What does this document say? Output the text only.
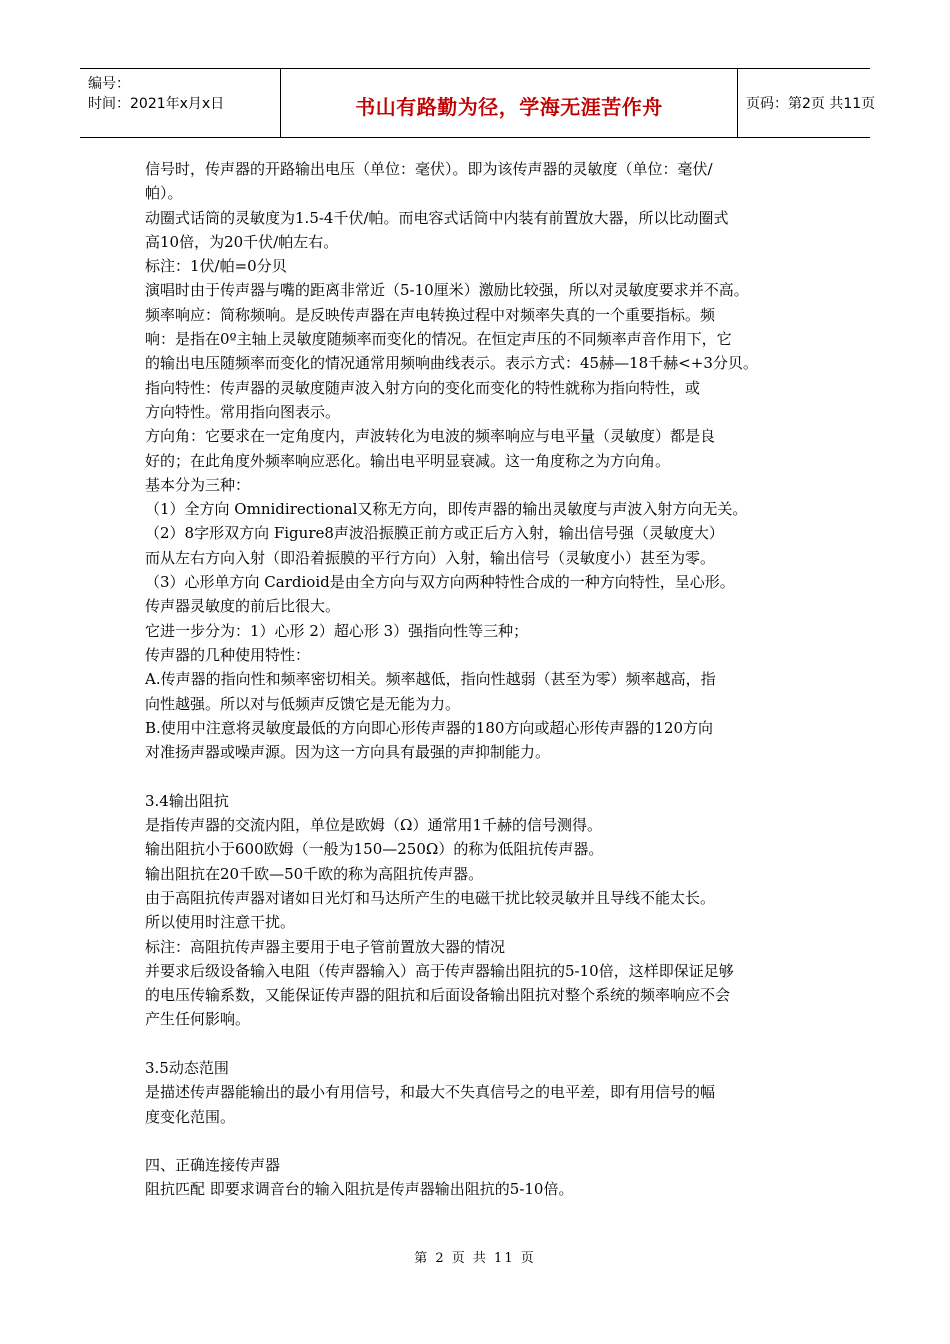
编号：
时间：2021年x月x日	书山有路勤为径，学海无涯苦作舟	页码：第2页 共11页
信号时，传声器的开路输出电压（单位：毫伏）。即为该传声器的灵敏度（单位：毫伏/
帕）。
动圈式话筒的灵敏度为1.5-4千伏/帕。而电容式话筒中内装有前置放大器，所以比动圈式
高10倍，为20千伏/帕左右。
标注：1伏/帕=0分贝
演唱时由于传声器与嘴的距离非常近（5-10厘米）激励比较强，所以对灵敏度要求并不高。
频率响应：简称频响。是反映传声器在声电转换过程中对频率失真的一个重要指标。频
响：是指在0º主轴上灵敏度随频率而变化的情况。在恒定声压的不同频率声音作用下，它
的输出电压随频率而变化的情况通常用频响曲线表示。表示方式：45赫—18千赫<+3分贝。
指向特性：传声器的灵敏度随声波入射方向的变化而变化的特性就称为指向特性，或
方向特性。常用指向图表示。
方向角：它要求在一定角度内，声波转化为电波的频率响应与电平量（灵敏度）都是良
好的；在此角度外频率响应恶化。输出电平明显衰减。这一角度称之为方向角。
基本分为三种：
（1）全方向 Omnidirectional又称无方向，即传声器的输出灵敏度与声波入射方向无关。
（2）8字形双方向 Figure8声波沿振膜正前方或正后方入射，输出信号强（灵敏度大）
而从左右方向入射（即沿着振膜的平行方向）入射，输出信号（灵敏度小）甚至为零。
（3）心形单方向 Cardioid是由全方向与双方向两种特性合成的一种方向特性，呈心形。
传声器灵敏度的前后比很大。
它进一步分为：1）心形 2）超心形 3）强指向性等三种；
传声器的几种使用特性：
A.传声器的指向性和频率密切相关。频率越低，指向性越弱（甚至为零）频率越高，指
向性越强。所以对与低频声反馈它是无能为力。
B.使用中注意将灵敏度最低的方向即心形传声器的180方向或超心形传声器的120方向
对准扬声器或噪声源。因为这一方向具有最强的声抑制能力。
3.4输出阻抗
是指传声器的交流内阻，单位是欧姆（Ω）通常用1千赫的信号测得。
输出阻抗小于600欧姆（一般为150—250Ω）的称为低阻抗传声器。
输出阻抗在20千欧—50千欧的称为高阻抗传声器。
由于高阻抗传声器对诸如日光灯和马达所产生的电磁干扰比较灵敏并且导线不能太长。
所以使用时注意干扰。
标注：高阻抗传声器主要用于电子管前置放大器的情况
并要求后级设备输入电阻（传声器输入）高于传声器输出阻抗的5-10倍，这样即保证足够
的电压传输系数，又能保证传声器的阻抗和后面设备输出阻抗对整个系统的频率响应不会
产生任何影响。
3.5动态范围
是描述传声器能输出的最小有用信号，和最大不失真信号之的电平差，即有用信号的幅
度变化范围。
四、正确连接传声器
阻抗匹配 即要求调音台的输入阻抗是传声器输出阻抗的5-10倍。
第 2 页 共 11 页
